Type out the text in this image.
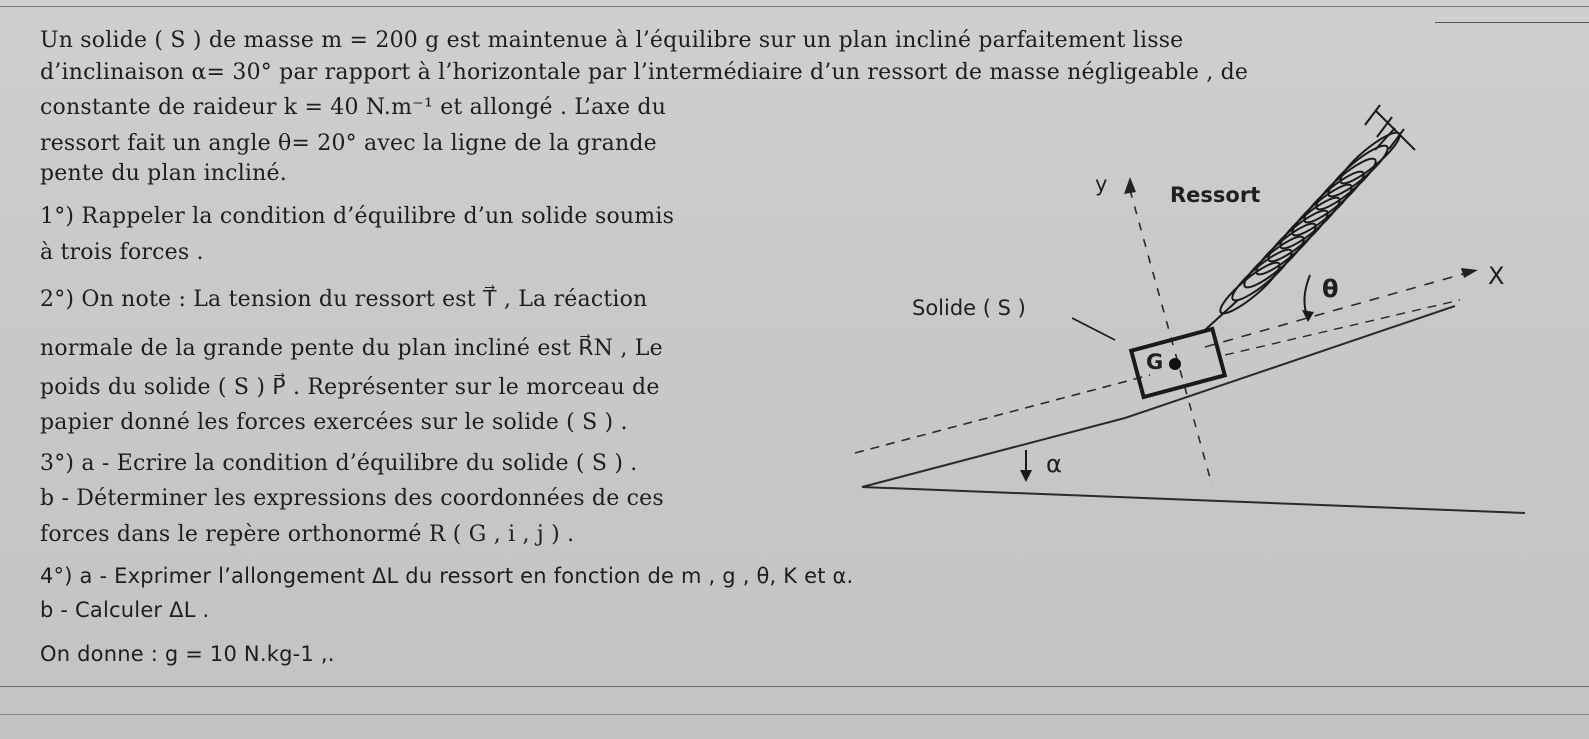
Un solide ( S ) de masse m = 200 g est maintenue à l’équilibre sur un plan incliné parfaitement lisse
d’inclinaison α= 30° par rapport à l’horizontale par l’intermédiaire d’un ressort de masse négligeable , de
constante de raideur k = 40 N.m⁻¹ et allongé . L’axe du
ressort fait un angle θ= 20° avec la ligne de la grande
pente du plan incliné.
1°) Rappeler la condition d’équilibre d’un solide soumis
à trois forces .
2°) On note : La tension du ressort est T⃗ , La réaction
normale de la grande pente du plan incliné est R⃗N , Le
poids du solide ( S ) P⃗ . Représenter sur le morceau de
papier donné les forces exercées sur le solide ( S ) .
3°) a - Ecrire la condition d’équilibre du solide ( S ) .
b - Déterminer les expressions des coordonnées de ces
forces dans le repère orthonormé R ( G , i , j ) .
4°) a - Exprimer l’allongement ΔL du ressort en fonction de m , g , θ, K et α.
b - Calculer ΔL .
On donne : g = 10 N.kg-1 ,.
y
X
Ressort
Solide ( S )
G
θ
α
